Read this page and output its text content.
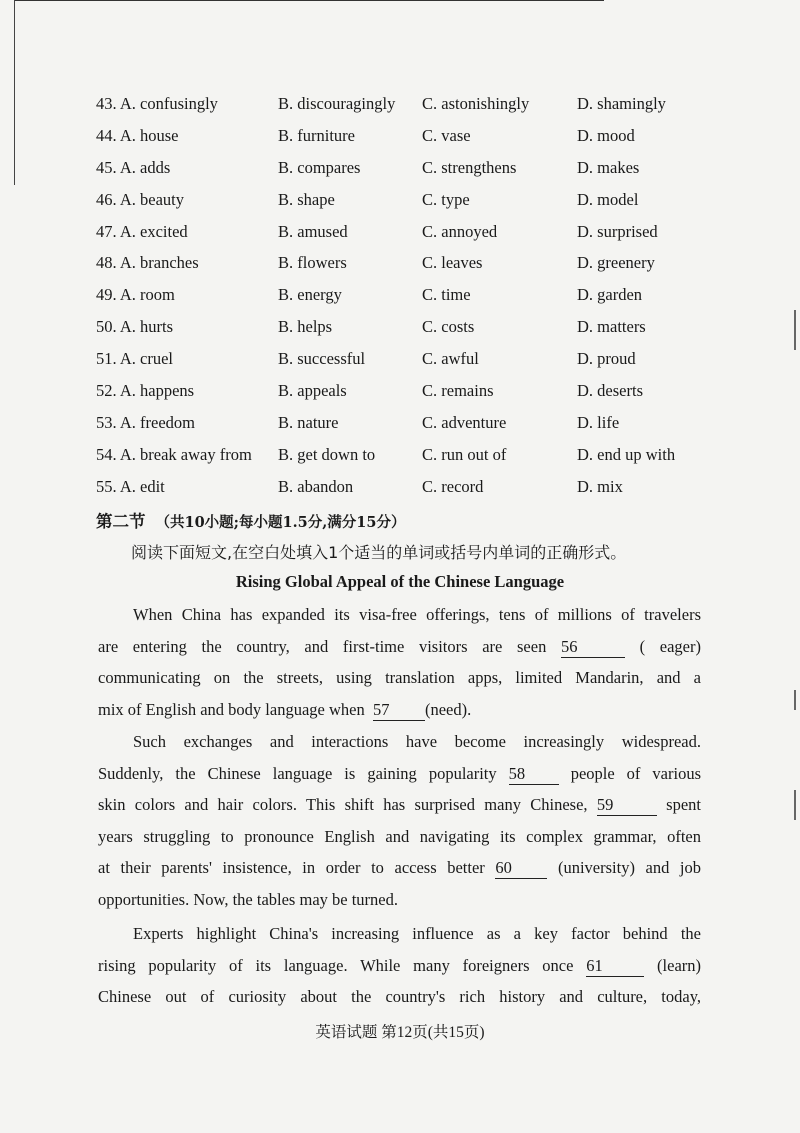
43. A. confusingly	B. discouragingly C. astonishingly	D. shamingly
44. A. house	B. furniture	C. vase	D. mood
45. A. adds	B. compares	C. strengthens	D. makes
46. A. beauty	B. shape	C. type	D. model
47. A. excited	B. amused	C. annoyed	D. surprised
48. A. branches	B. flowers	C. leaves	D. greenery
49. A. room	B. energy	C. time	D. garden
50. A. hurts	B. helps	C. costs	D. matters
51. A. cruel	B. successful	C. awful	D. proud
52. A. happens	B. appeals	C. remains	D. deserts
53. A. freedom	B. nature	C. adventure	D. life
54. A. break away from B. get down to	C. run out of	D. end up with
55. A. edit	B. abandon	C. record	D. mix
第二节 （共10小题;每小题1.5分,满分15分）
阅读下面短文,在空白处填入1个适当的单词或括号内单词的正确形式。
Rising Global Appeal of the Chinese Language
When China has expanded its visa-free offerings, tens of millions of travelers
are entering the country, and first-time visitors are seen 56	( eager)
communicating on the streets, using translation apps, limited Mandarin, and a
mix of English and body language when 57 (need).
Such exchanges and interactions have become increasingly widespread.
Suddenly, the Chinese language is gaining popularity 58	people of various
skin colors and hair colors. This shift has surprised many Chinese, 59	spent
years struggling to pronounce English and navigating its complex grammar, often
at their parents' insistence, in order to access better 60	(university) and job
opportunities. Now, the tables may be turned.
Experts highlight China's increasing influence as a key factor behind the
rising popularity of its language. While many foreigners once 61	(learn)
Chinese out of curiosity about the country's rich history and culture, today,
英语试题 第12页(共15页)
